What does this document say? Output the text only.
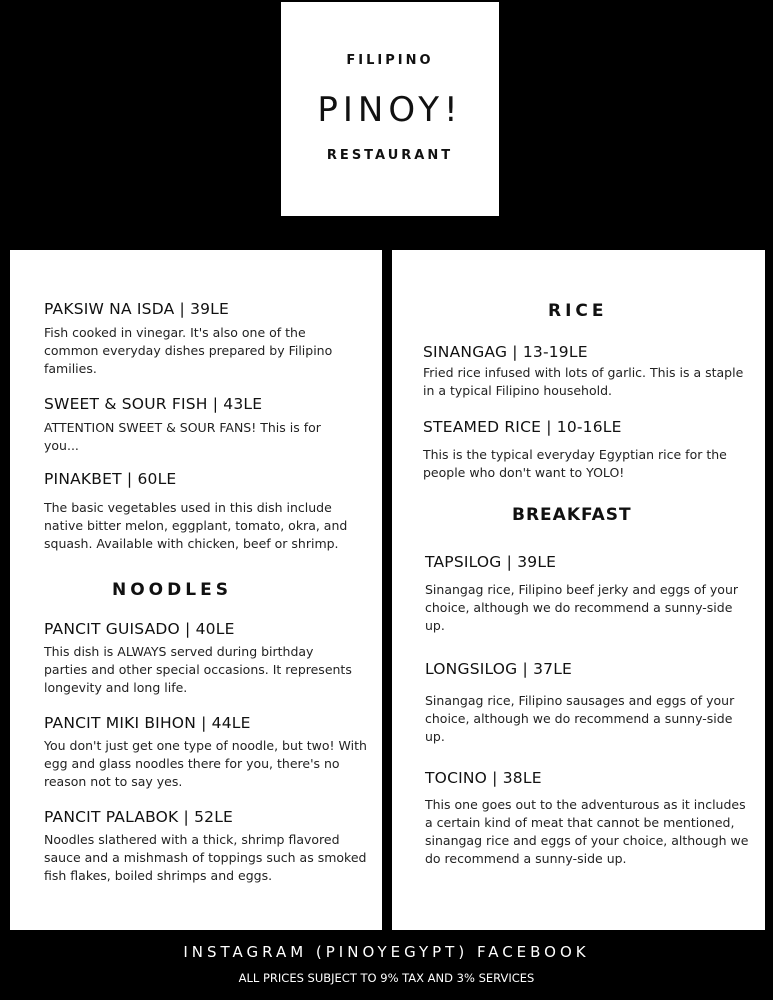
FILIPINO
PINOY!
RESTAURANT
PAKSIW NA ISDA | 39LE
Fish cooked in vinegar. It's also one of the common everyday dishes prepared by Filipino families.
SWEET & SOUR FISH | 43LE
ATTENTION SWEET & SOUR FANS! This is for you...
PINAKBET | 60LE
The basic vegetables used in this dish include native bitter melon, eggplant, tomato, okra, and squash. Available with chicken, beef or shrimp.
NOODLES
PANCIT GUISADO | 40LE
This dish is ALWAYS served during birthday parties and other special occasions. It represents longevity and long life.
PANCIT MIKI BIHON | 44LE
You don't just get one type of noodle, but two! With egg and glass noodles there for you, there's no reason not to say yes.
PANCIT PALABOK | 52LE
Noodles slathered with a thick, shrimp flavored sauce and a mishmash of toppings such as smoked fish flakes, boiled shrimps and eggs.
RICE
SINANGAG | 13-19LE
Fried rice infused with lots of garlic. This is a staple in a typical Filipino household.
STEAMED RICE | 10-16LE
This is the typical everyday Egyptian rice for the people who don't want to YOLO!
BREAKFAST
TAPSILOG | 39LE
Sinangag rice, Filipino beef jerky and eggs of your choice, although we do recommend a sunny-side up.
LONGSILOG | 37LE
Sinangag rice, Filipino sausages and eggs of your choice, although we do recommend a sunny-side up.
TOCINO | 38LE
This one goes out to the adventurous as it includes a certain kind of meat that cannot be mentioned, sinangag rice and eggs of your choice, although we do recommend a sunny-side up.
INSTAGRAM (PINOYEGYPT) FACEBOOK
ALL PRICES SUBJECT TO 9% TAX AND 3% SERVICES
